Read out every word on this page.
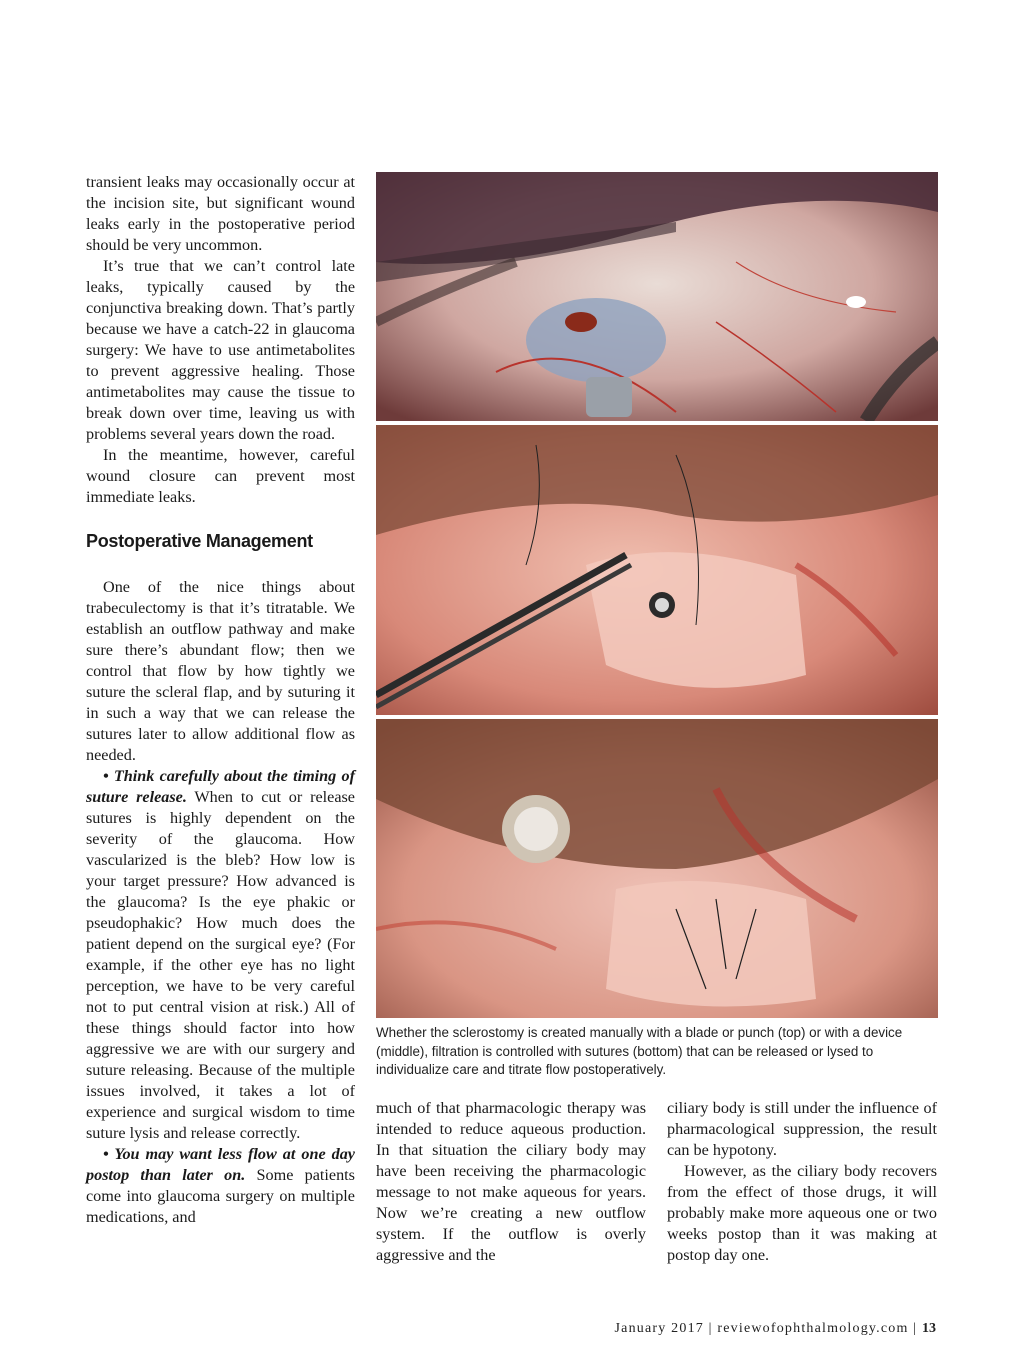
transient leaks may occasionally occur at the incision site, but significant wound leaks early in the postoperative period should be very uncommon.

It’s true that we can’t control late leaks, typically caused by the conjunctiva breaking down. That’s partly because we have a catch-22 in glaucoma surgery: We have to use antimetabolites to prevent aggressive healing. Those antimetabolites may cause the tissue to break down over time, leaving us with problems several years down the road.

In the meantime, however, careful wound closure can prevent most immediate leaks.

Postoperative Management

One of the nice things about trabeculectomy is that it’s titratable. We establish an outflow pathway and make sure there’s abundant flow; then we control that flow by how tightly we suture the scleral flap, and by suturing it in such a way that we can release the sutures later to allow additional flow as needed.

• Think carefully about the timing of suture release. When to cut or release sutures is highly dependent on the severity of the glaucoma. How vascularized is the bleb? How low is your target pressure? How advanced is the glaucoma? Is the eye phakic or pseudophakic? How much does the patient depend on the surgical eye? (For example, if the other eye has no light perception, we have to be very careful not to put central vision at risk.) All of these things should factor into how aggressive we are with our surgery and suture releasing. Because of the multiple issues involved, it takes a lot of experience and surgical wisdom to time suture lysis and release correctly.

• You may want less flow at one day postop than later on. Some patients come into glaucoma surgery on multiple medications, and

Whether the sclerostomy is created manually with a blade or punch (top) or with a device (middle), filtration is controlled with sutures (bottom) that can be released or lysed to individualize care and titrate flow postoperatively.

much of that pharmacologic therapy was intended to reduce aqueous production. In that situation the ciliary body may have been receiving the pharmacologic message to not make aqueous for years. Now we’re creating a new outflow system. If the outflow is overly aggressive and the

ciliary body is still under the influence of pharmacological suppression, the result can be hypotony.

However, as the ciliary body recovers from the effect of those drugs, it will probably make more aqueous one or two weeks postop than it was making at postop day one.

January 2017 | reviewofophthalmology.com | 13
